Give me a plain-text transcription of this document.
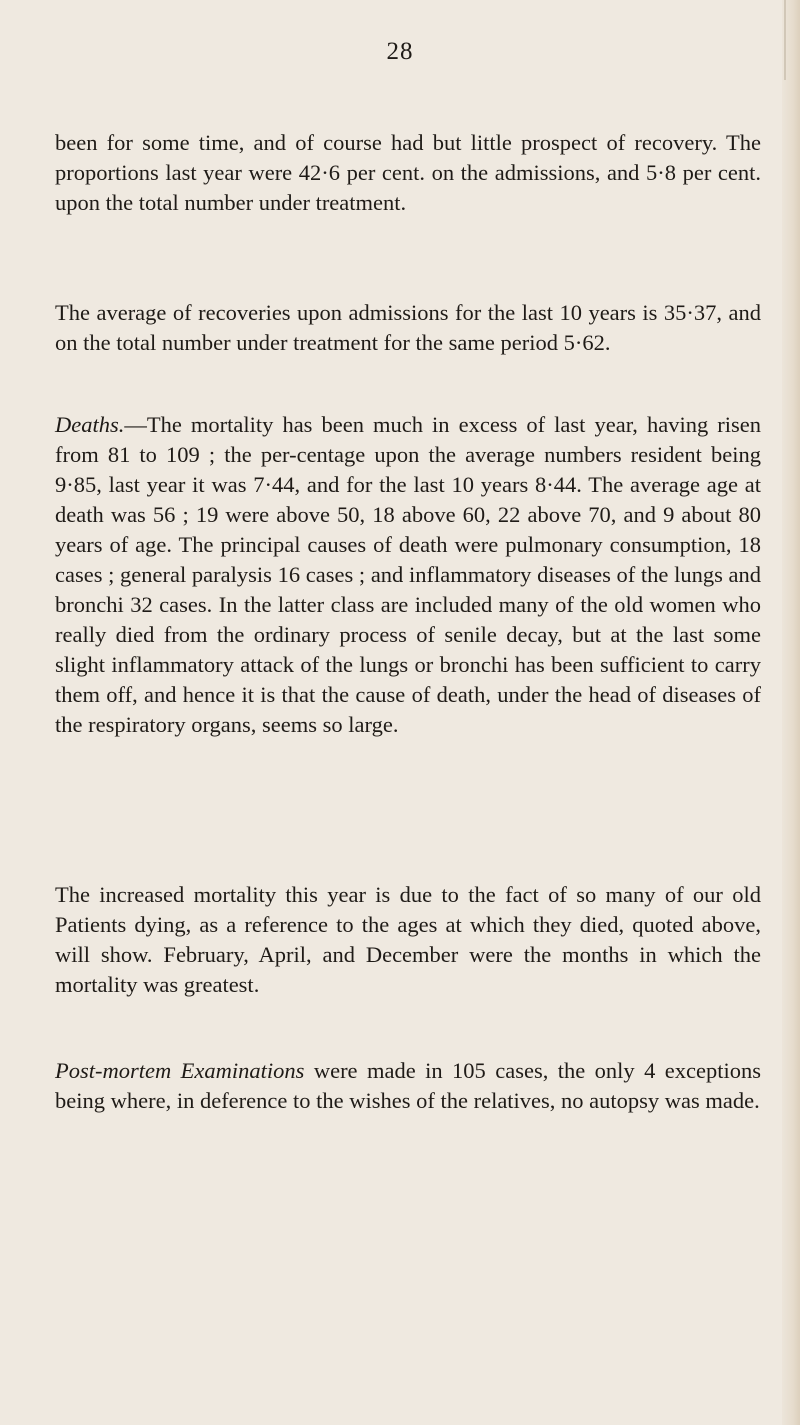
28

been for some time, and of course had but little prospect of recovery. The proportions last year were 42·6 per cent. on the admissions, and 5·8 per cent. upon the total number under treatment.

The average of recoveries upon admissions for the last 10 years is 35·37, and on the total number under treatment for the same period 5·62.

Deaths.—The mortality has been much in excess of last year, having risen from 81 to 109 ; the per-centage upon the average numbers resident being 9·85, last year it was 7·44, and for the last 10 years 8·44. The average age at death was 56 ; 19 were above 50, 18 above 60, 22 above 70, and 9 about 80 years of age. The principal causes of death were pulmonary consumption, 18 cases ; general paralysis 16 cases ; and inflammatory diseases of the lungs and bronchi 32 cases. In the latter class are included many of the old women who really died from the ordinary process of senile decay, but at the last some slight inflammatory attack of the lungs or bronchi has been sufficient to carry them off, and hence it is that the cause of death, under the head of diseases of the respiratory organs, seems so large.

The increased mortality this year is due to the fact of so many of our old Patients dying, as a reference to the ages at which they died, quoted above, will show. February, April, and December were the months in which the mortality was greatest.

Post-mortem Examinations were made in 105 cases, the only 4 exceptions being where, in deference to the wishes of the relatives, no autopsy was made.
